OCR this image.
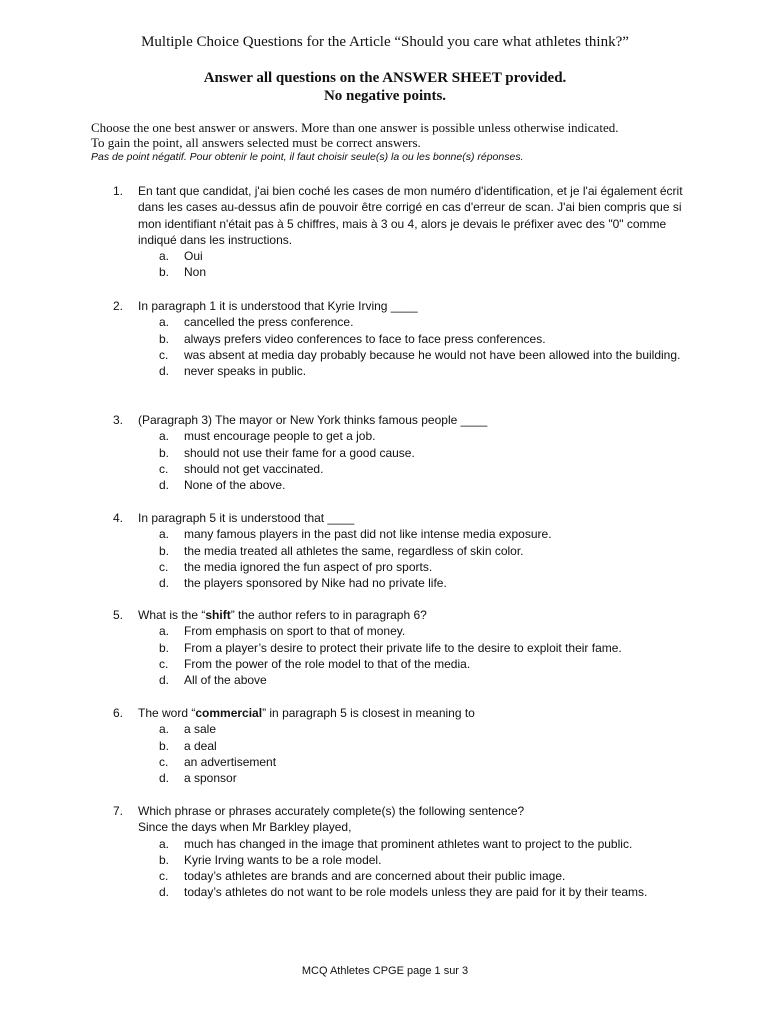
Multiple Choice Questions for the Article “Should you care what athletes think?”
Answer all questions on the ANSWER SHEET provided.
No negative points.
Choose the one best answer or answers. More than one answer is possible unless otherwise indicated.
To gain the point, all answers selected must be correct answers.
Pas de point négatif. Pour obtenir le point, il faut choisir seule(s) la ou les bonne(s) réponses.
1.	En tant que candidat, j'ai bien coché les cases de mon numéro d'identification, et je l'ai également écrit dans les cases au-dessus afin de pouvoir être corrigé en cas d'erreur de scan. J'ai bien compris que si mon identifiant n'était pas à 5 chiffres, mais à 3 ou 4, alors je devais le préfixer avec des "0" comme indiqué dans les instructions.
a.	Oui
b.	Non
2.	In paragraph 1 it is understood that Kyrie Irving ____
a.	cancelled the press conference.
b.	always prefers video conferences to face to face press conferences.
c.	was absent at media day probably because he would not have been allowed into the building.
d.	never speaks in public.
3.	(Paragraph 3) The mayor or New York thinks famous people ____
a.	must encourage people to get a job.
b.	should not use their fame for a good cause.
c.	should not get vaccinated.
d.	None of the above.
4.	In paragraph 5 it is understood that ____
a.	many famous players in the past did not like intense media exposure.
b.	the media treated all athletes the same, regardless of skin color.
c.	the media ignored the fun aspect of pro sports.
d.	the players sponsored by Nike had no private life.
5.	What is the “shift” the author refers to in paragraph 6?
a.	From emphasis on sport to that of money.
b.	From a player’s desire to protect their private life to the desire to exploit their fame.
c.	From the power of the role model to that of the media.
d.	All of the above
6.	The word “commercial” in paragraph 5 is closest in meaning to
a.	a sale
b.	a deal
c.	an advertisement
d.	a sponsor
7.	Which phrase or phrases accurately complete(s) the following sentence?
Since the days when Mr Barkley played,
a.	much has changed in the image that prominent athletes want to project to the public.
b.	Kyrie Irving wants to be a role model.
c.	today’s athletes are brands and are concerned about their public image.
d.	today’s athletes do not want to be role models unless they are paid for it by their teams.
MCQ Athletes CPGE page 1 sur 3
